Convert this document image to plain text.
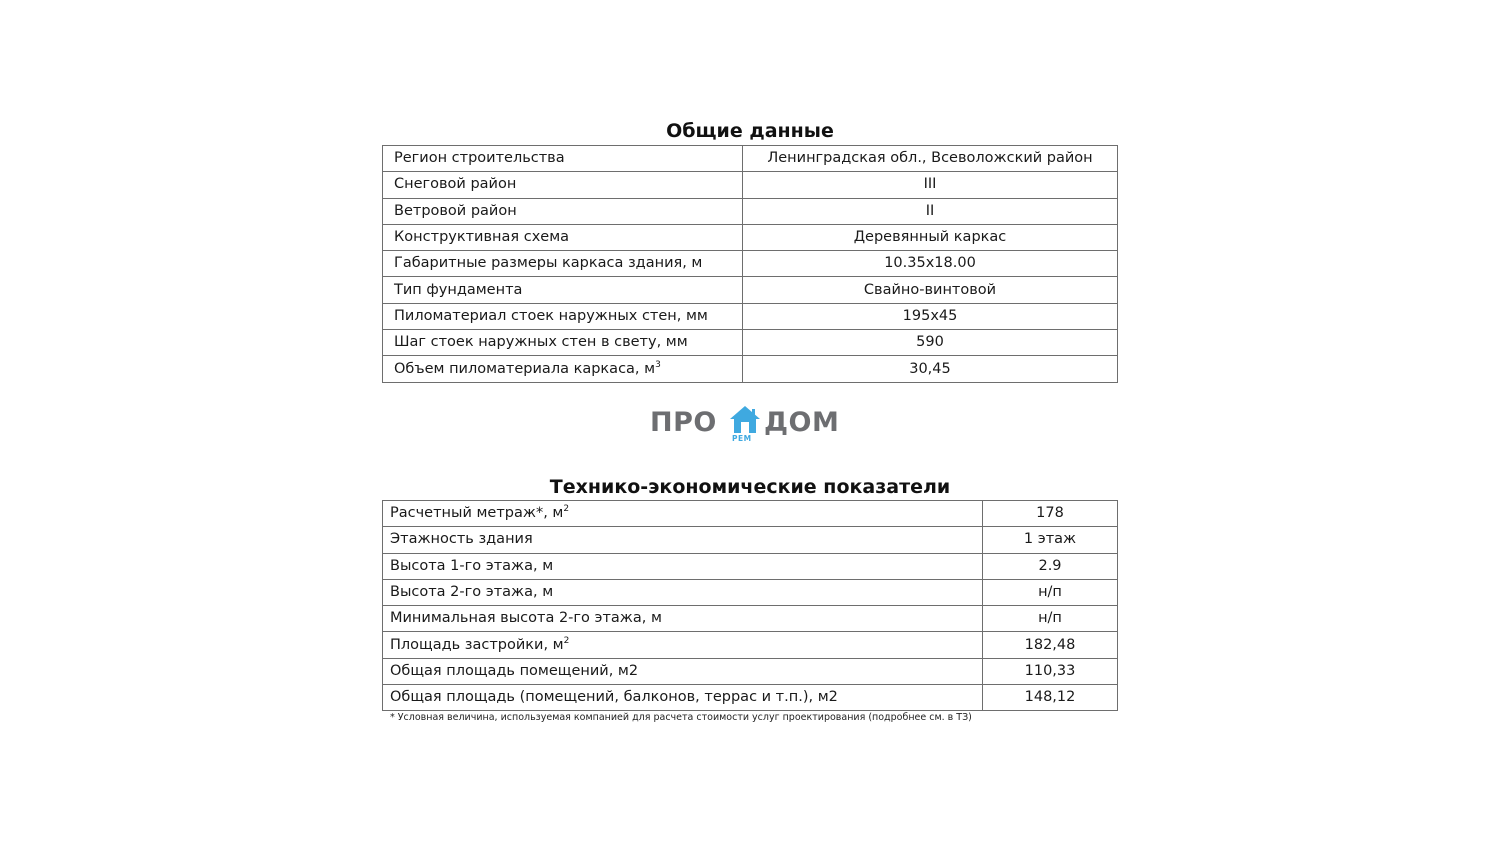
Общие данные
Регион строительства	Ленинградская обл., Всеволожский район
Снеговой район	III
Ветровой район	II
Конструктивная схема	Деревянный каркас
Габаритные размеры каркаса здания, м	10.35х18.00
Тип фундамента	Свайно-винтовой
Пиломатериал стоек наружных стен, мм	195х45
Шаг стоек наружных стен в свету, мм	590
Объем пиломатериала каркаса, $м^3$	30,45
ПРО
РЕМ
ДОМ
Технико-экономические показатели
Расчетный метраж*, $м^2$	178
Этажность здания	1 этаж
Высота 1-го этажа, м	2.9
Высота 2-го этажа, м	н/п
Минимальная высота 2-го этажа, м	н/п
Площадь застройки, $м^2$	182,48
Общая площадь помещений, м2	110,33
Общая площадь (помещений, балконов, террас и т.п.), м2	148,12
* Условная величина, используемая компанией для расчета стоимости услуг проектирования (подробнее см. в ТЗ)
